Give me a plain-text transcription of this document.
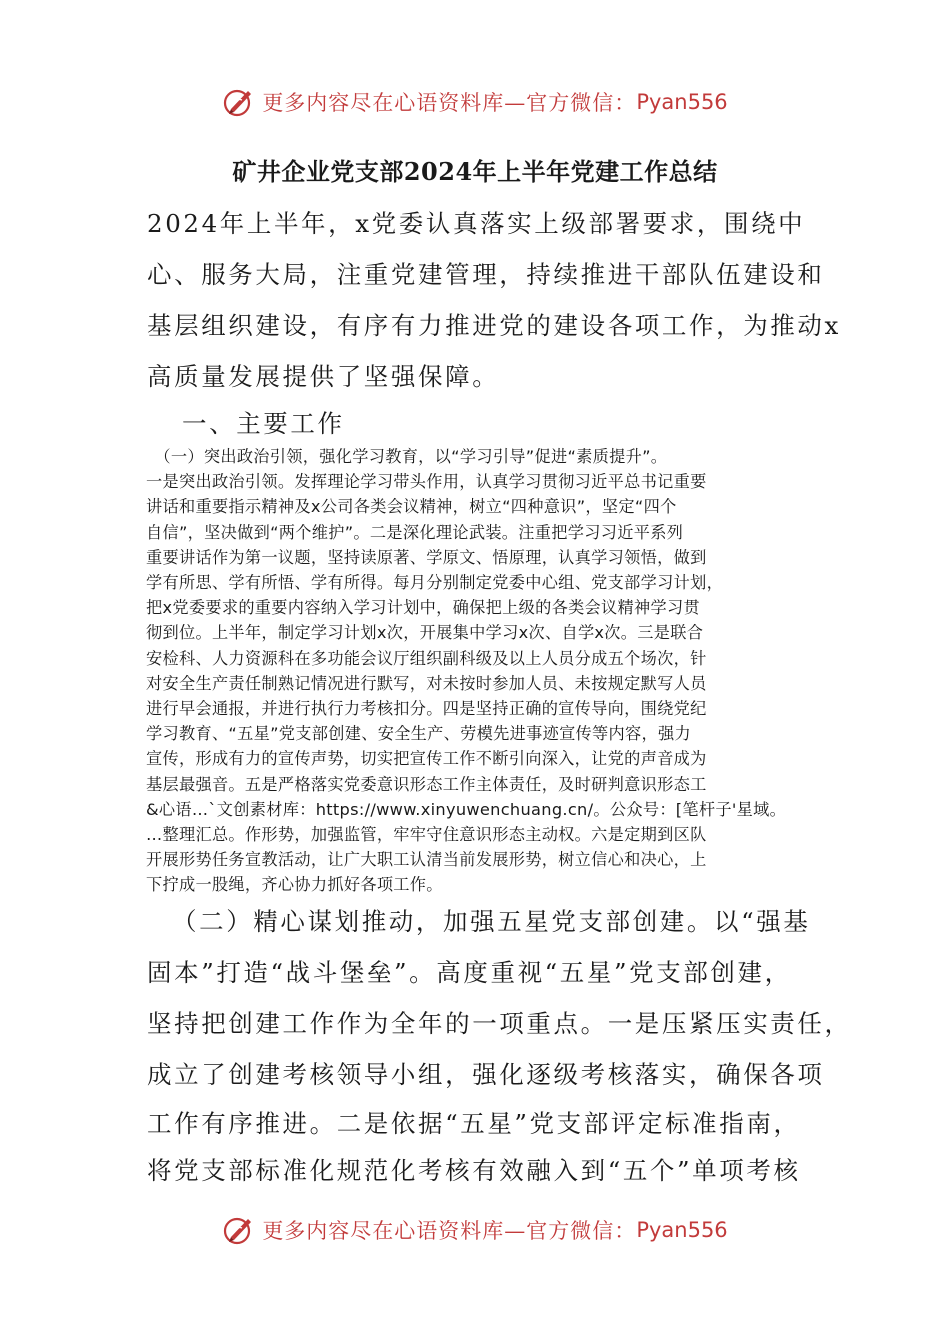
更多内容尽在心语资料库—官方微信： Pyan556
矿井企业党支部2024年上半年党建工作总结

2024年上半年，x党委认真落实上级部署要求，围绕中

心、服务大局，注重党建管理，持续推进干部队伍建设和

基层组织建设，有序有力推进党的建设各项工作，为推动x

高质量发展提供了坚强保障。

一、主要工作

　（一）突出政治引领，强化学习教育，以“学习引导”促进“素质提升”。
一是突出政治引领。发挥理论学习带头作用，认真学习贯彻习近平总书记重要
讲话和重要指示精神及x公司各类会议精神，树立“四种意识”，坚定“四个
自信”，坚决做到“两个维护”。二是深化理论武装。注重把学习习近平系列
重要讲话作为第一议题，坚持读原著、学原文、悟原理，认真学习领悟，做到
学有所思、学有所悟、学有所得。每月分别制定党委中心组、党支部学习计划，
把x党委要求的重要内容纳入学习计划中，确保把上级的各类会议精神学习贯
彻到位。上半年，制定学习计划x次，开展集中学习x次、自学x次。三是联合
安检科、人力资源科在多功能会议厅组织副科级及以上人员分成五个场次，针
对安全生产责任制熟记情况进行默写，对未按时参加人员、未按规定默写人员
进行早会通报，并进行执行力考核扣分。四是坚持正确的宣传导向，围绕党纪
学习教育、“五星”党支部创建、安全生产、劳模先进事迹宣传等内容，强力
宣传，形成有力的宣传声势，切实把宣传工作不断引向深入，让党的声音成为
基层最强音。五是严格落实党委意识形态工作主体责任，及时研判意识形态工
&心语…`文创素材库：https://www.xinyuwenchuang.cn/。公众号：[笔杆子'星域。
…整理汇总。作形势，加强监管，牢牢守住意识形态主动权。六是定期到区队
开展形势任务宣教活动，让广大职工认清当前发展形势，树立信心和决心，上
下拧成一股绳，齐心协力抓好各项工作。

（二）精心谋划推动，加强五星党支部创建。以“强基

固本”打造“战斗堡垒”。高度重视“五星”党支部创建，

坚持把创建工作作为全年的一项重点。一是压紧压实责任，

成立了创建考核领导小组，强化逐级考核落实，确保各项

工作有序推进。二是依据“五星”党支部评定标准指南，

将党支部标准化规范化考核有效融入到“五个”单项考核

更多内容尽在心语资料库—官方微信： Pyan556
